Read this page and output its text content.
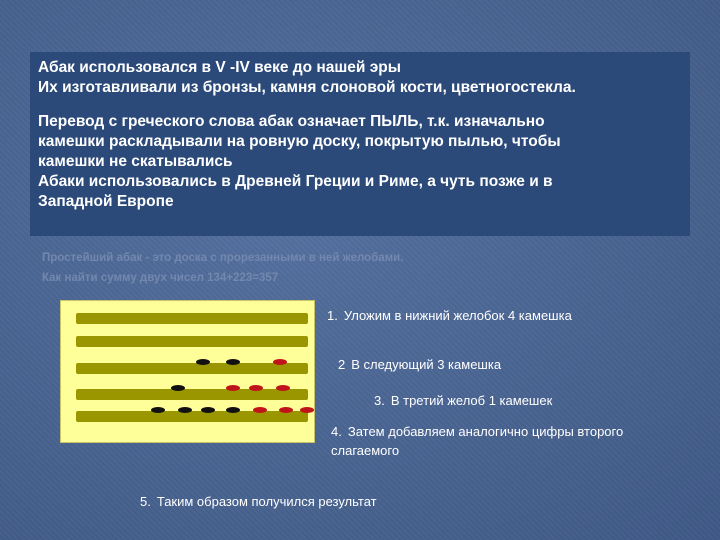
Абак использовался в V -IV веке до нашей эры

Их изготавливали из бронзы, камня слоновой кости, цветногостекла.

Перевод с греческого слова абак означает ПЫЛЬ, т.к. изначально

камешки раскладывали на ровную доску, покрытую пылью, чтобы

камешки не скатывались

Абаки использовались в Древней Греции и Риме, а чуть позже и в

Западной Европе

Простейший абак - это доска с прорезанными в ней желобами.
Как найти сумму двух чисел 134+223=357
1. Уложим в нижний желобок 4 камешка
2 В следующий 3 камешка
3. В третий желоб 1 камешек
4. Затем добавляем аналогично цифры второго
слагаемого
5. Таким образом получился результат
